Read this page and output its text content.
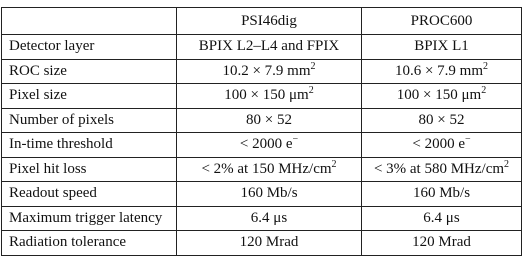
	PSI46dig	PROC600
Detector layer	BPIX L2–L4 and FPIX	BPIX L1
ROC size	10.2 × 7.9 $mm^2$	10.6 × 7.9 $mm^2$
Pixel size	100 × 150 $\mu m^2$	100 × 150 $\mu m^2$
Number of pixels	80 × 52	80 × 52
In-time threshold	< 2000 e−	< 2000 e−
Pixel hit loss	< 2% at 150 MHz/$cm^2$	< 3% at 580 MHz/$cm^2$
Readout speed	160 Mb/s	160 Mb/s
Maximum trigger latency	6.4 μs	6.4 μs
Radiation tolerance	120 Mrad	120 Mrad
